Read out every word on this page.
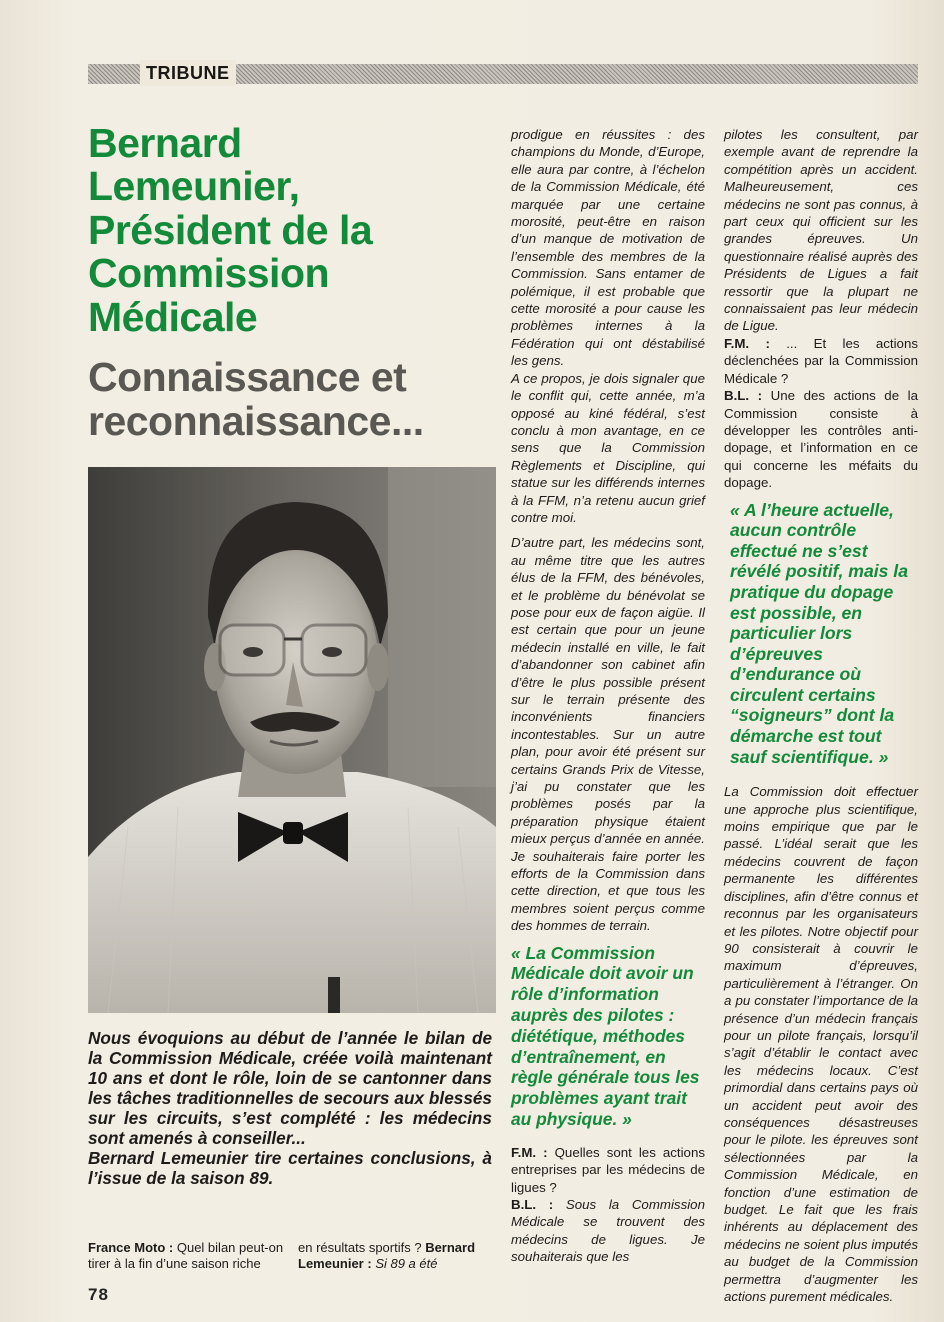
TRIBUNE
Bernard
Lemeunier,
Président de la
Commission
Médicale
Connaissance et
reconnaissance...

Nous évoquions au début de l’année le bilan de la Commission Médicale, créée voilà maintenant 10 ans et dont le rôle, loin de se cantonner dans les tâches traditionnelles de secours aux blessés sur les circuits, s’est complété : les médecins sont amenés à conseiller...

Bernard Lemeunier tire certaines conclusions, à l’issue de la saison 89.

France Moto : Quel bilan peut-on tirer à la fin d’une saison riche
en résultats sportifs ? Bernard Lemeunier : Si 89 a été
78

prodigue en réussites : des champions du Monde, d’Europe, elle aura par contre, à l’échelon de la Commission Médicale, été marquée par une certaine morosité, peut-être en raison d’un manque de motivation de l’ensemble des membres de la Commission. Sans entamer de polémique, il est probable que cette morosité a pour cause les problèmes internes à la Fédération qui ont déstabilisé les gens.

A ce propos, je dois signaler que le conflit qui, cette année, m’a opposé au kiné fédéral, s’est conclu à mon avantage, en ce sens que la Commission Règlements et Discipline, qui statue sur les différends internes à la FFM, n’a retenu aucun grief contre moi.

D’autre part, les médecins sont, au même titre que les autres élus de la FFM, des bénévoles, et le problème du bénévolat se pose pour eux de façon aigüe. Il est certain que pour un jeune médecin installé en ville, le fait d’abandonner son cabinet afin d’être le plus possible présent sur le terrain présente des inconvénients financiers incontestables. Sur un autre plan, pour avoir été présent sur certains Grands Prix de Vitesse, j’ai pu constater que les problèmes posés par la préparation physique étaient mieux perçus d’année en année. Je souhaiterais faire porter les efforts de la Commission dans cette direction, et que tous les membres soient perçus comme des hommes de terrain.

« La Commission Médicale doit avoir un rôle d’information auprès des pilotes : diététique, méthodes d’entraînement, en règle générale tous les problèmes ayant trait au physique. »

F.M. : Quelles sont les actions entreprises par les médecins de ligues ?

B.L. : Sous la Commission Médicale se trouvent des médecins de ligues. Je souhaiterais que les

pilotes les consultent, par exemple avant de reprendre la compétition après un accident. Malheureusement, ces médecins ne sont pas connus, à part ceux qui officient sur les grandes épreuves. Un questionnaire réalisé auprès des Présidents de Ligues a fait ressortir que la plupart ne connaissaient pas leur médecin de Ligue.

F.M. : ... Et les actions déclenchées par la Commission Médicale ?

B.L. : Une des actions de la Commission consiste à développer les contrôles anti-dopage, et l’information en ce qui concerne les méfaits du dopage.

« A l’heure actuelle, aucun contrôle effectué ne s’est révélé positif, mais la pratique du dopage est possible, en particulier lors d’épreuves d’endurance où circulent certains “soigneurs” dont la démarche est tout sauf scientifique. »

La Commission doit effectuer une approche plus scientifique, moins empirique que par le passé. L’idéal serait que les médecins couvrent de façon permanente les différentes disciplines, afin d’être connus et reconnus par les organisateurs et les pilotes. Notre objectif pour 90 consisterait à couvrir le maximum d’épreuves, particulièrement à l’étranger. On a pu constater l’importance de la présence d’un médecin français pour un pilote français, lorsqu’il s’agit d’établir le contact avec les médecins locaux. C’est primordial dans certains pays où un accident peut avoir des conséquences désastreuses pour le pilote. les épreuves sont sélectionnées par la Commission Médicale, en fonction d’une estimation de budget. Le fait que les frais inhérents au déplacement des médecins ne soient plus imputés au budget de la Commission permettra d’augmenter les actions purement médicales.
